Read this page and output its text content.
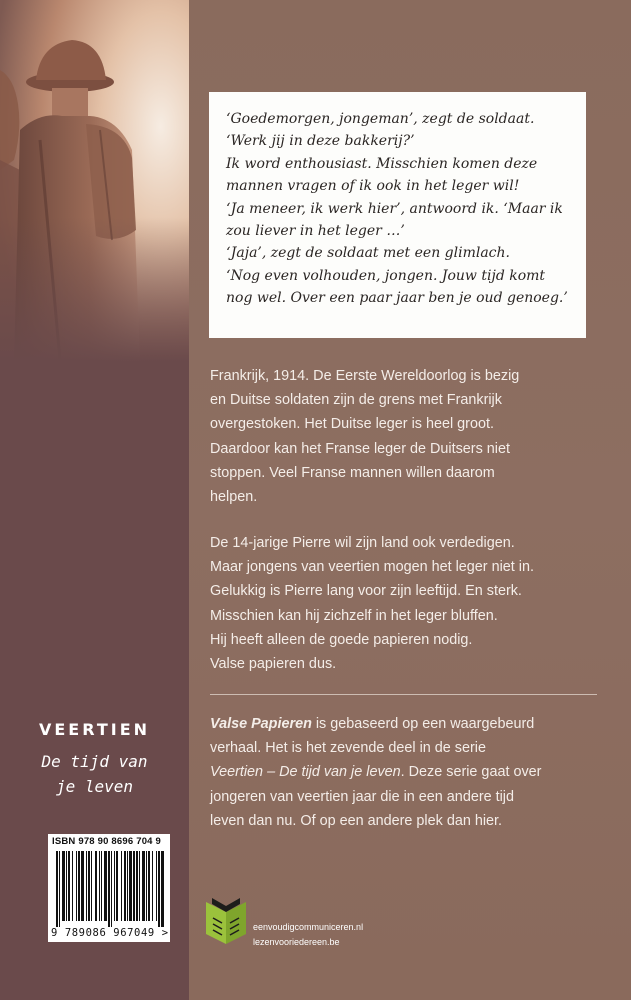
‘Goedemorgen, jongeman’, zegt de soldaat.
‘Werk jij in deze bakkerij?’
Ik word enthousiast. Misschien komen deze
mannen vragen of ik ook in het leger wil!
‘Ja meneer, ik werk hier’, antwoord ik. ‘Maar ik
zou liever in het leger …’
‘Jaja’, zegt de soldaat met een glimlach.
‘Nog even volhouden, jongen. Jouw tijd komt
nog wel. Over een paar jaar ben je oud genoeg.’
Frankrijk, 1914. De Eerste Wereldoorlog is bezig
en Duitse soldaten zijn de grens met Frankrijk
overgestoken. Het Duitse leger is heel groot.
Daardoor kan het Franse leger de Duitsers niet
stoppen. Veel Franse mannen willen daarom
helpen.
De 14-jarige Pierre wil zijn land ook verdedigen.
Maar jongens van veertien mogen het leger niet in.
Gelukkig is Pierre lang voor zijn leeftijd. En sterk.
Misschien kan hij zichzelf in het leger bluffen.
Hij heeft alleen de goede papieren nodig.
Valse papieren dus.
Valse Papieren is gebaseerd op een waargebeurd
verhaal. Het is het zevende deel in de serie
Veertien – De tijd van je leven. Deze serie gaat over
jongeren van veertien jaar die in een andere tijd
leven dan nu. Of op een andere plek dan hier.
VEERTIEN
De tijd van
je leven
ISBN 978 90 8696 704 9
9 789086 967049 >	eenvoudigcommuniceren.nl
lezenvooriedereen.be
